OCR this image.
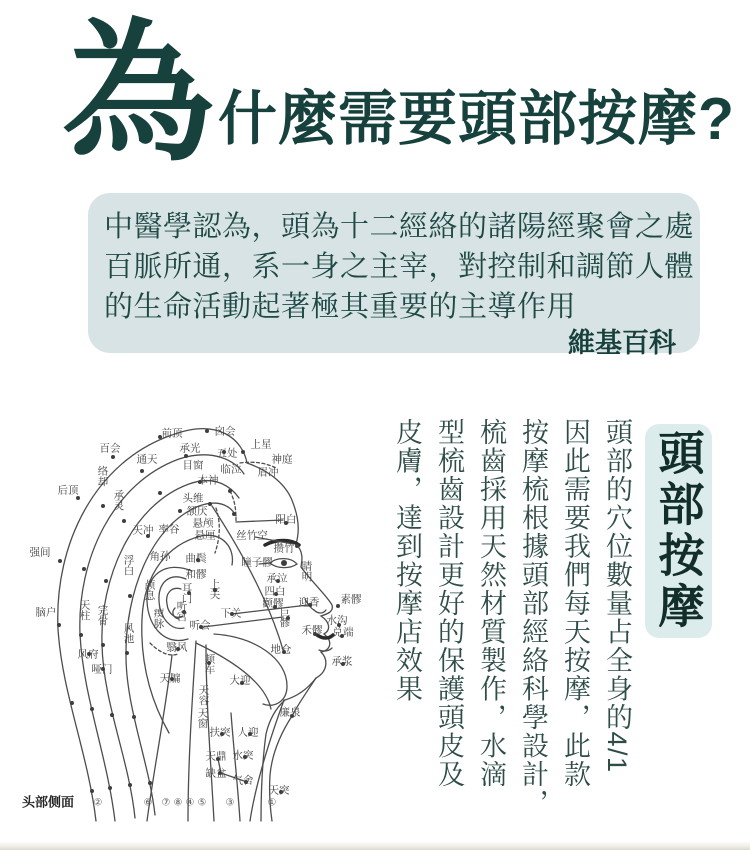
為 什麼需要頭部按摩?
中醫學認為，頭為十二經絡的諸陽經聚會之處
百脈所通，系一身之主宰，對控制和調節人體
的生命活動起著極其重要的主導作用
維基百科
前顶	囟会
上星
百会	承光 五处	神庭
通天 目窗 临泣 眉冲
本神
后顶
络却
承灵	头维
颔厌
悬颅
悬厘
阳白
天冲 率谷
强间	角孙 曲鬓
和髎
浮白
丝竹空
攒竹
睛明
瞳子髎
承泣
四白
颧髎 迎香 素髎
巨髎	水沟
禾髎 兑端
地仓
承浆
脑户 天柱 完骨
风池
风府
哑门
颅息
瘈脉
耳门
听宫
听会
上关
下关
翳风
天牖
颊车
大迎
天容
天窗	廉泉
扶突 人迎
天鼎 水突
缺盆
气舍
天突
②	⑥ ⑦ ⑧ ④ ⑤ ③	①
头部侧面
頭部的穴位數量占全身的4/1
因此需要我們每天按摩，此款
按摩梳根據頭部經絡科學設計，
梳齒採用天然材質製作，水滴
型梳齒設計更好的保護頭皮及
皮膚，達到按摩店效果	頭部按摩
